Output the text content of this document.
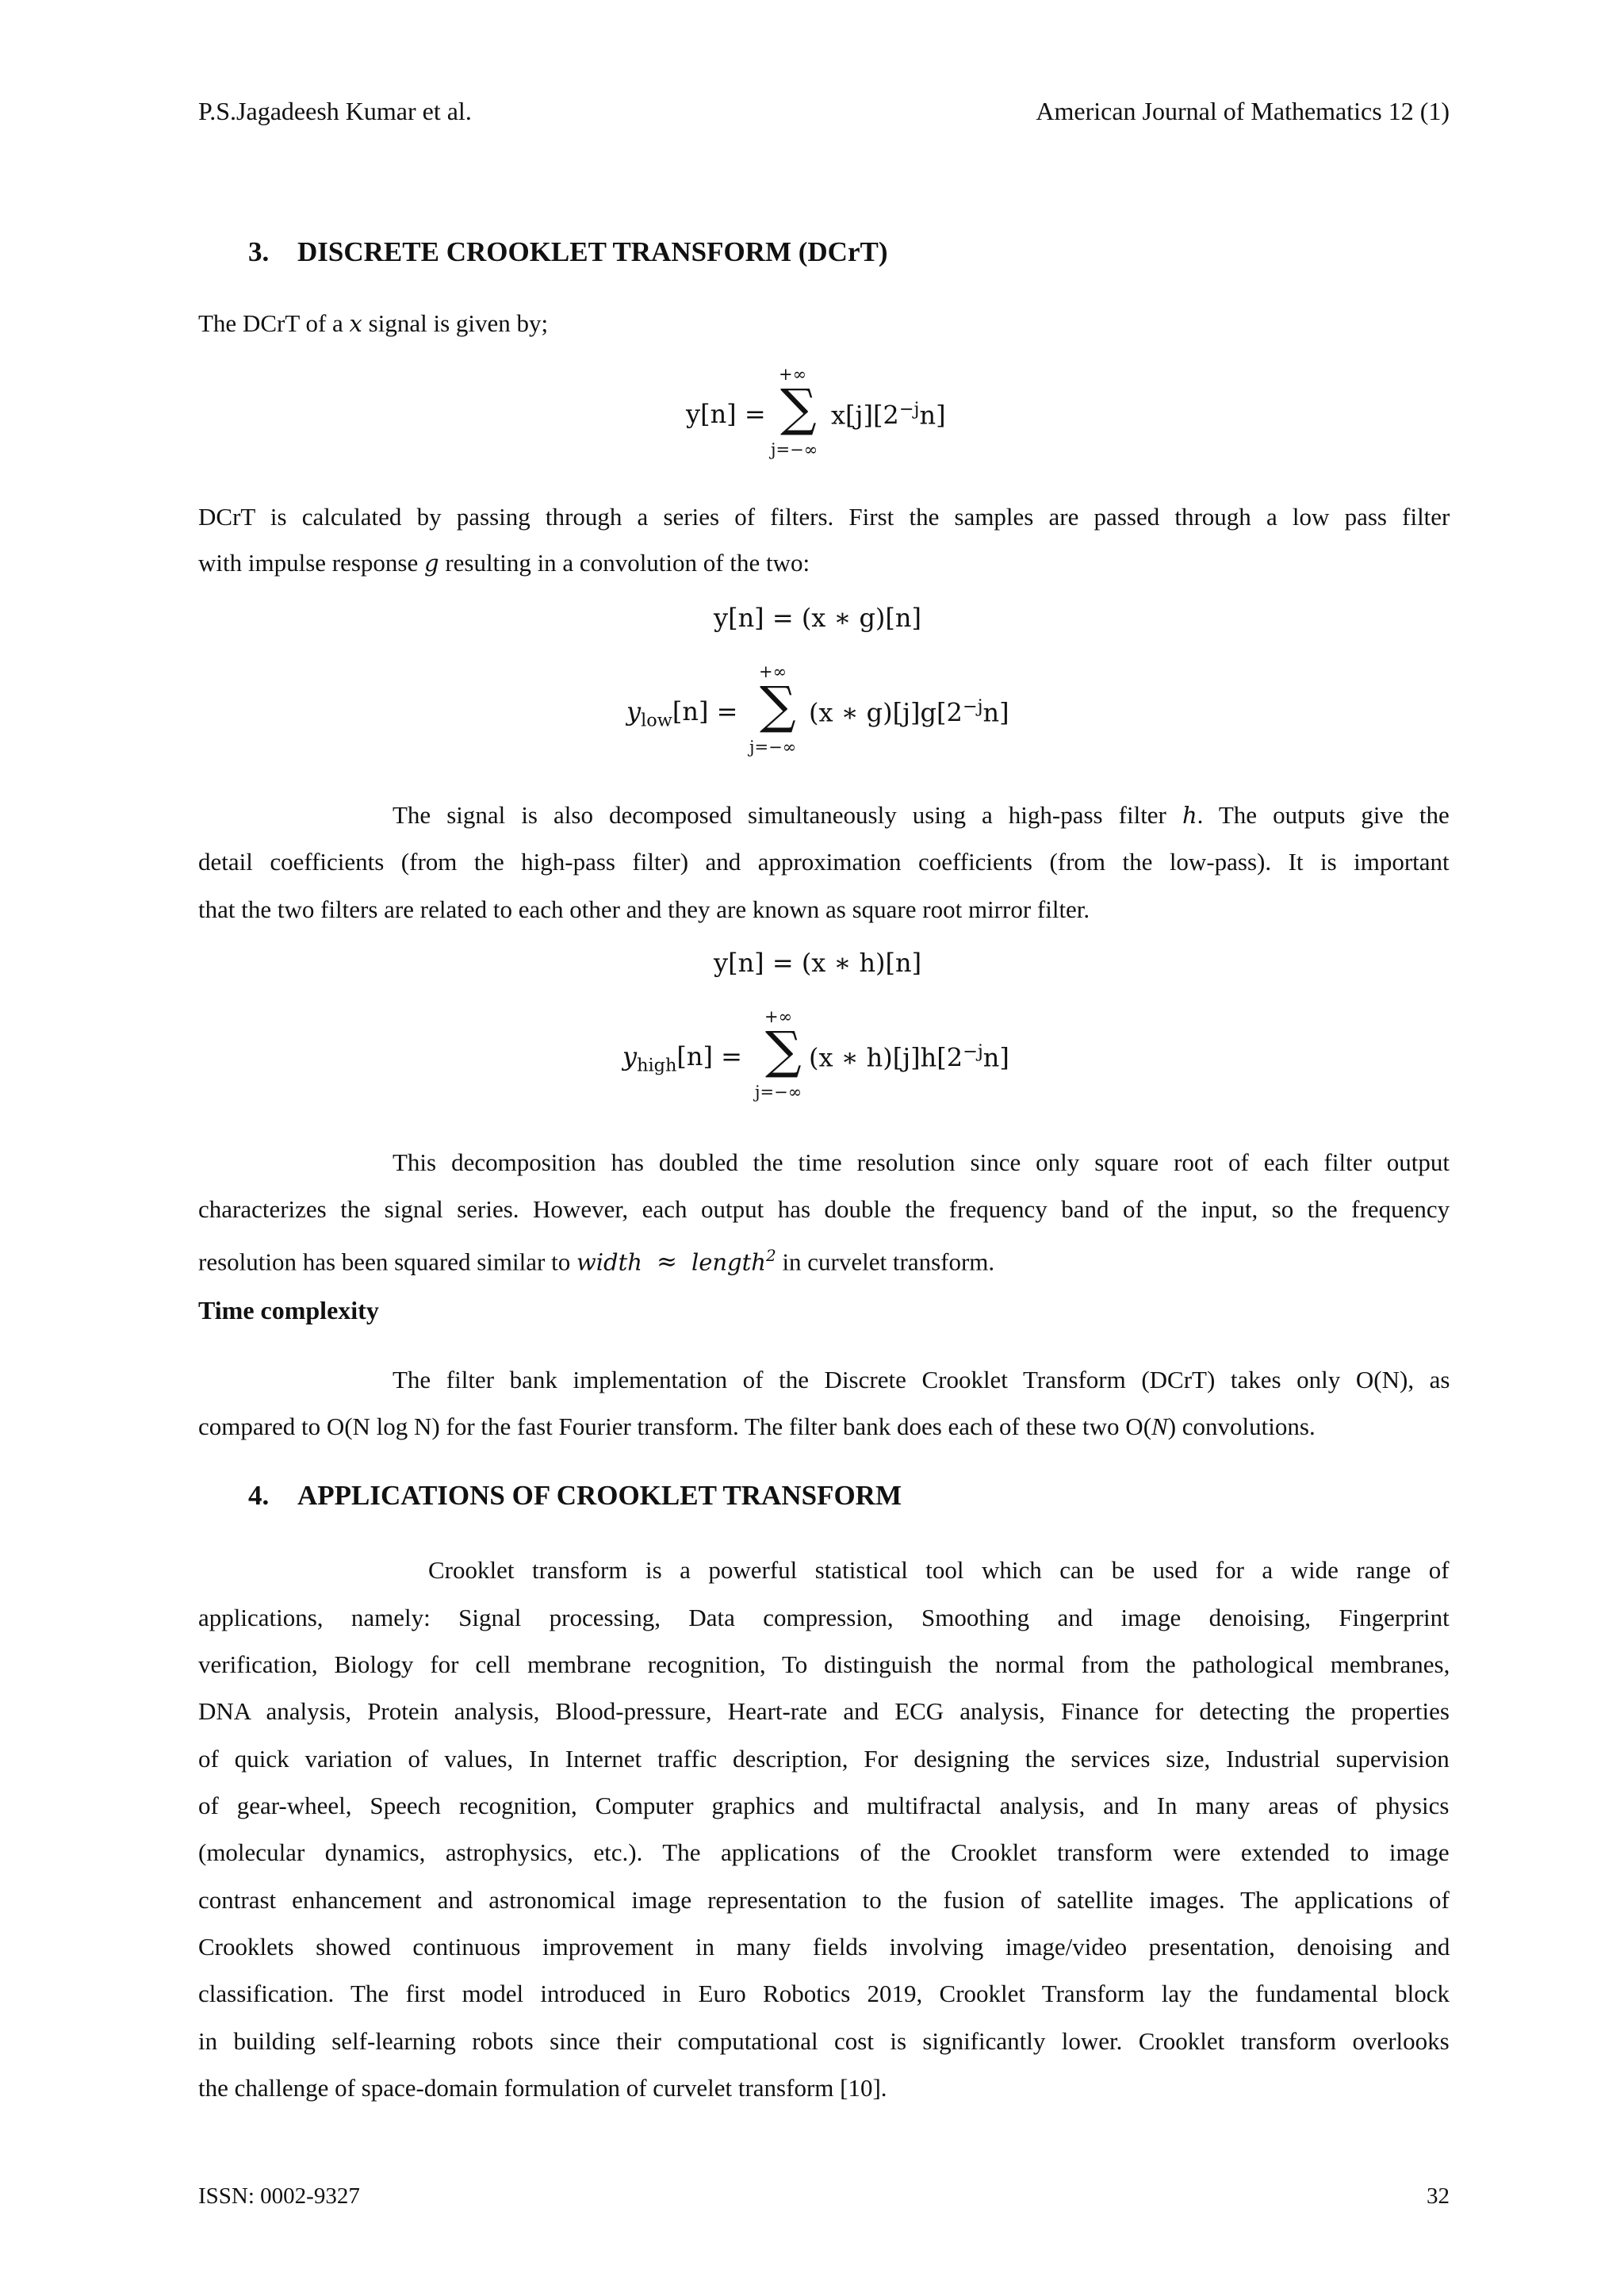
P.S.Jagadeesh Kumar et al.	American Journal of Mathematics 12 (1)
3. DISCRETE CROOKLET TRANSFORM (DCrT)
The DCrT of a x signal is given by;
y[n] =
+∞
∑
j=−∞
$x[j][2^{-j}n]$
DCrT is calculated by passing through a series of filters. First the samples are passed through a low pass filter
with impulse response g resulting in a convolution of the two:
y[n] = (x ∗ g)[n]
$y_{low}[n]$ =
+∞
∑
j=−∞
(x ∗ $g)[j]g[2^{-j}n]$
The signal is also decomposed simultaneously using a high-pass filter h. The outputs give the
detail coefficients (from the high-pass filter) and approximation coefficients (from the low-pass). It is important
that the two filters are related to each other and they are known as square root mirror filter.
y[n] = (x ∗ h)[n]
$y_{high}[n]$ =
+∞
∑
j=−∞
(x ∗ $h)[j]h[2^{-j}n]$
This decomposition has doubled the time resolution since only square root of each filter output
characterizes the signal series. However, each output has double the frequency band of the input, so the frequency
resolution has been squared similar to width ≈ length$^2$ in curvelet transform.
Time complexity
The filter bank implementation of the Discrete Crooklet Transform (DCrT) takes only O(N), as
compared to O(N log N) for the fast Fourier transform. The filter bank does each of these two O(N) convolutions.
4. APPLICATIONS OF CROOKLET TRANSFORM
Crooklet transform is a powerful statistical tool which can be used for a wide range of
applications, namely: Signal processing, Data compression, Smoothing and image denoising, Fingerprint
verification, Biology for cell membrane recognition, To distinguish the normal from the pathological membranes,
DNA analysis, Protein analysis, Blood-pressure, Heart-rate and ECG analysis, Finance for detecting the properties
of quick variation of values, In Internet traffic description, For designing the services size, Industrial supervision
of gear-wheel, Speech recognition, Computer graphics and multifractal analysis, and In many areas of physics
(molecular dynamics, astrophysics, etc.). The applications of the Crooklet transform were extended to image
contrast enhancement and astronomical image representation to the fusion of satellite images. The applications of
Crooklets showed continuous improvement in many fields involving image/video presentation, denoising and
classification. The first model introduced in Euro Robotics 2019, Crooklet Transform lay the fundamental block
in building self-learning robots since their computational cost is significantly lower. Crooklet transform overlooks
the challenge of space-domain formulation of curvelet transform [10].
ISSN: 0002-9327	32
